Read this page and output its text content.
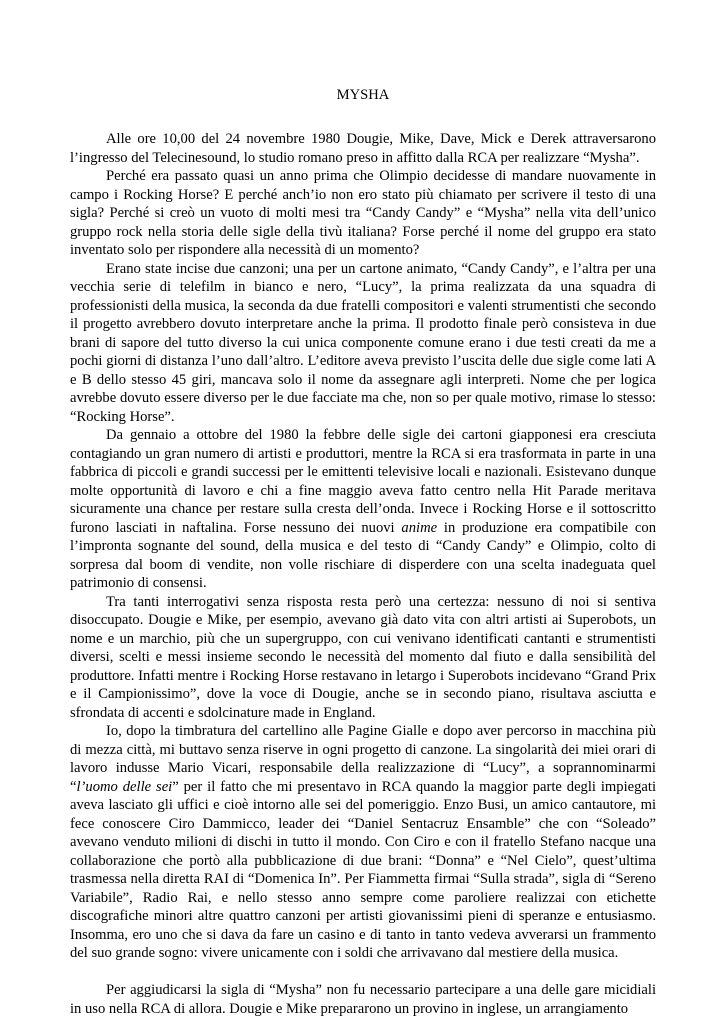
MYSHA

Alle ore 10,00 del 24 novembre 1980 Dougie, Mike, Dave, Mick e Derek attraversarono l’ingresso del Telecinesound, lo studio romano preso in affitto dalla RCA per realizzare “Mysha”.

Perché era passato quasi un anno prima che Olimpio decidesse di mandare nuovamente in campo i Rocking Horse? E perché anch’io non ero stato più chiamato per scrivere il testo di una sigla? Perché si creò un vuoto di molti mesi tra “Candy Candy” e “Mysha” nella vita dell’unico gruppo rock nella storia delle sigle della tivù italiana? Forse perché il nome del gruppo era stato inventato solo per rispondere alla necessità di un momento?

Erano state incise due canzoni; una per un cartone animato, “Candy Candy”, e l’altra per una vecchia serie di telefilm in bianco e nero, “Lucy”, la prima realizzata da una squadra di professionisti della musica, la seconda da due fratelli compositori e valenti strumentisti che secondo il progetto avrebbero dovuto interpretare anche la prima. Il prodotto finale però consisteva in due brani di sapore del tutto diverso la cui unica componente comune erano i due testi creati da me a pochi giorni di distanza l’uno dall’altro. L’editore aveva previsto l’uscita delle due sigle come lati A e B dello stesso 45 giri, mancava solo il nome da assegnare agli interpreti. Nome che per logica avrebbe dovuto essere diverso per le due facciate ma che, non so per quale motivo, rimase lo stesso: “Rocking Horse”.

Da gennaio a ottobre del 1980 la febbre delle sigle dei cartoni giapponesi era cresciuta contagiando un gran numero di artisti e produttori, mentre la RCA si era trasformata in parte in una fabbrica di piccoli e grandi successi per le emittenti televisive locali e nazionali. Esistevano dunque molte opportunità di lavoro e chi a fine maggio aveva fatto centro nella Hit Parade meritava sicuramente una chance per restare sulla cresta dell’onda. Invece i Rocking Horse e il sottoscritto furono lasciati in naftalina. Forse nessuno dei nuovi anime in produzione era compatibile con l’impronta sognante del sound, della musica e del testo di “Candy Candy” e Olimpio, colto di sorpresa dal boom di vendite, non volle rischiare di disperdere con una scelta inadeguata quel patrimonio di consensi.

Tra tanti interrogativi senza risposta resta però una certezza: nessuno di noi si sentiva disoccupato. Dougie e Mike, per esempio, avevano già dato vita con altri artisti ai Superobots, un nome e un marchio, più che un supergruppo, con cui venivano identificati cantanti e strumentisti diversi, scelti e messi insieme secondo le necessità del momento dal fiuto e dalla sensibilità del produttore. Infatti mentre i Rocking Horse restavano in letargo i Superobots incidevano “Grand Prix e il Campionissimo”, dove la voce di Dougie, anche se in secondo piano, risultava asciutta e sfrondata di accenti e sdolcinature made in England.

Io, dopo la timbratura del cartellino alle Pagine Gialle e dopo aver percorso in macchina più di mezza città, mi buttavo senza riserve in ogni progetto di canzone. La singolarità dei miei orari di lavoro indusse Mario Vicari, responsabile della realizzazione di “Lucy”, a soprannominarmi “l’uomo delle sei” per il fatto che mi presentavo in RCA quando la maggior parte degli impiegati aveva lasciato gli uffici e cioè intorno alle sei del pomeriggio. Enzo Busi, un amico cantautore, mi fece conoscere Ciro Dammicco, leader dei “Daniel Sentacruz Ensamble” che con “Soleado” avevano venduto milioni di dischi in tutto il mondo. Con Ciro e con il fratello Stefano nacque una collaborazione che portò alla pubblicazione di due brani: “Donna” e “Nel Cielo”, quest’ultima trasmessa nella diretta RAI di “Domenica In”. Per Fiammetta firmai “Sulla strada”, sigla di “Sereno Variabile”, Radio Rai, e nello stesso anno sempre come paroliere realizzai con etichette discografiche minori altre quattro canzoni per artisti giovanissimi pieni di speranze e entusiasmo. Insomma, ero uno che si dava da fare un casino e di tanto in tanto vedeva avverarsi un frammento del suo grande sogno: vivere unicamente con i soldi che arrivavano dal mestiere della musica.

Per aggiudicarsi la sigla di “Mysha” non fu necessario partecipare a una delle gare micidiali in uso nella RCA di allora. Dougie e Mike prepararono un provino in inglese, un arrangiamento
